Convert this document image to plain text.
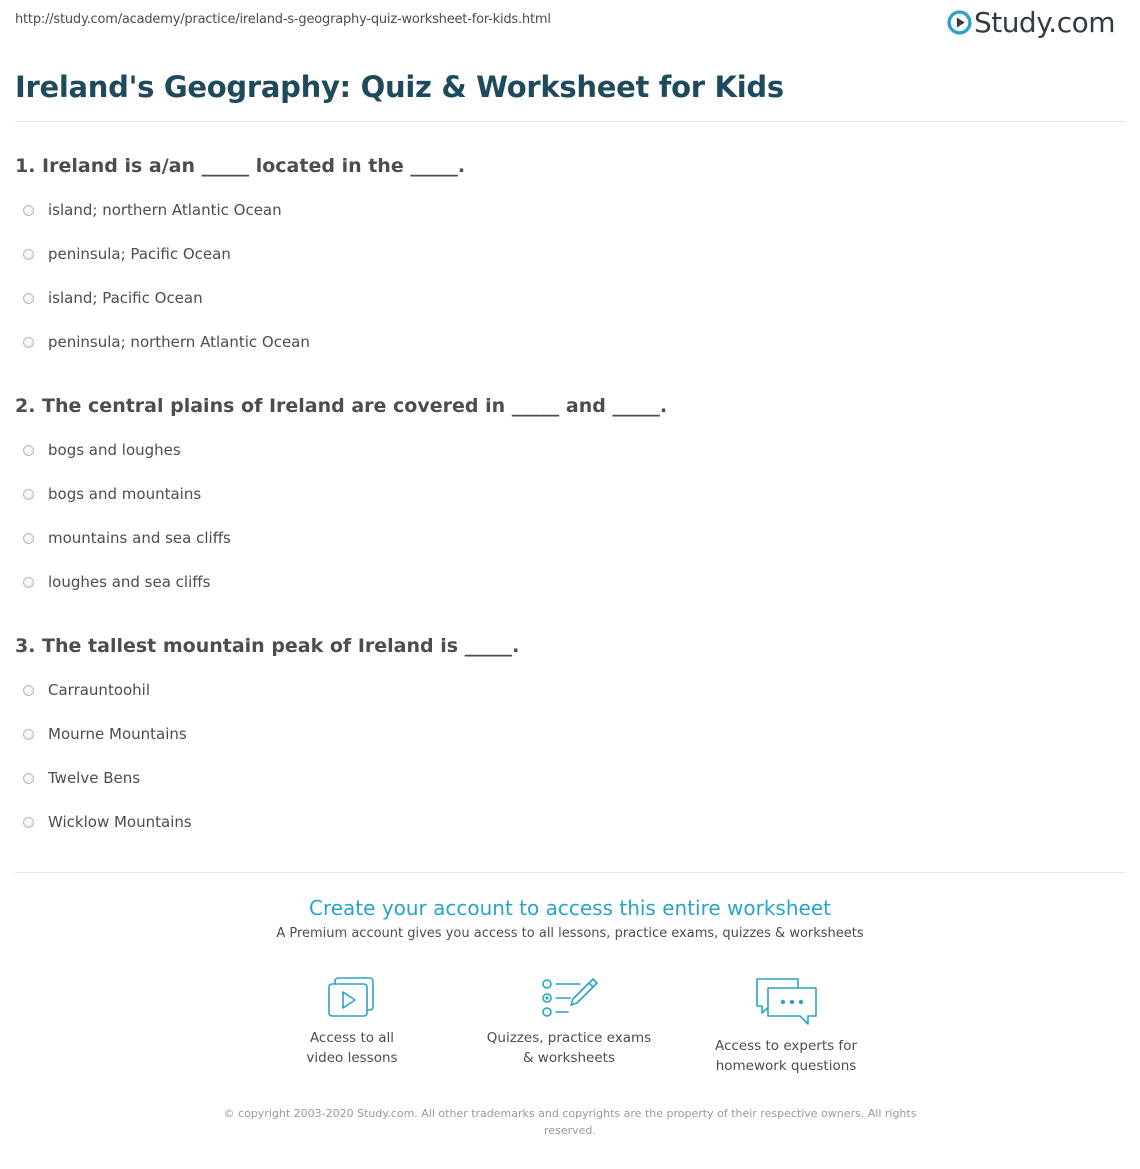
http://study.com/academy/practice/ireland-s-geography-quiz-worksheet-for-kids.html	Study.com
Ireland's Geography: Quiz & Worksheet for Kids
1. Ireland is a/an _____ located in the _____.
island; northern Atlantic Ocean
peninsula; Pacific Ocean
island; Pacific Ocean
peninsula; northern Atlantic Ocean
2. The central plains of Ireland are covered in _____ and _____.
bogs and loughes
bogs and mountains
mountains and sea cliffs
loughes and sea cliffs
3. The tallest mountain peak of Ireland is _____.
Carrauntoohil
Mourne Mountains
Twelve Bens
Wicklow Mountains
Create your account to access this entire worksheet
A Premium account gives you access to all lessons, practice exams, quizzes & worksheets
Access to all
video lessons
Quizzes, practice exams
& worksheets
Access to experts for
homework questions
© copyright 2003-2020 Study.com. All other trademarks and copyrights are the property of their respective owners. All rights
reserved.
